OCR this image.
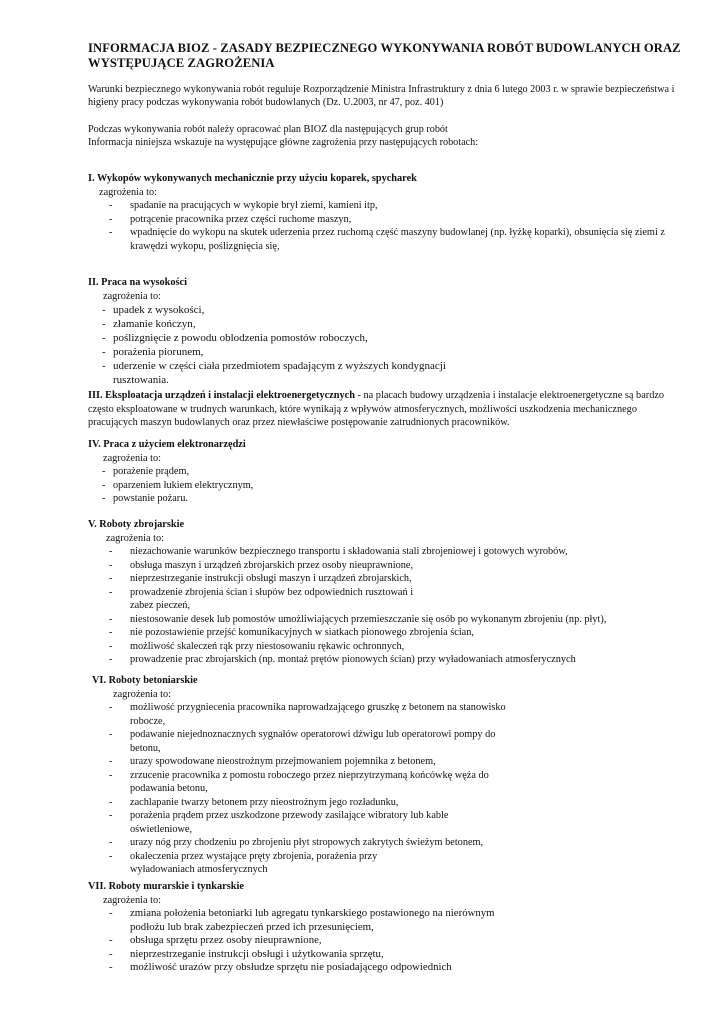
INFORMACJA BIOZ - ZASADY BEZPIECZNEGO WYKONYWANIA ROBÓT BUDOWLANYCH ORAZ WYSTĘPUJĄCE ZAGROŻENIA
Warunki bezpiecznego wykonywania robót reguluje Rozporządzenie Ministra Infrastruktury z dnia 6 lutego 2003 r. w sprawie bezpieczeństwa i higieny pracy podczas wykonywania robót budowlanych (Dz. U.2003, nr 47, poz. 401)
Podczas wykonywania robót należy opracować plan BIOZ dla następujących grup robót
Informacja niniejsza wskazuje na występujące główne zagrożenia przy następujących robotach:
I. Wykopów wykonywanych mechanicznie przy użyciu koparek, spycharek
zagrożenia to:
- spadanie na pracujących w wykopie brył ziemi, kamieni itp,
- potrącenie pracownika przez części ruchome maszyn,
- wpadnięcie do wykopu na skutek uderzenia przez ruchomą część maszyny budowlanej (np. łyżkę koparki), obsunięcia się ziemi z krawędzi wykopu, poślizgnięcia się,
II. Praca na wysokości
zagrożenia to:
- upadek z wysokości,
- złamanie kończyn,
- poślizgnięcie z powodu oblodzenia pomostów roboczych,
- porażenia piorunem,
- uderzenie w części ciała przedmiotem spadającym z wyższych kondygnacji rusztowania.
III. Eksploatacja urządzeń i instalacji elektroenergetycznych - na placach budowy urządzenia i instalacje elektroenergetyczne są bardzo często eksploatowane w trudnych warunkach, które wynikają z wpływów atmosferycznych, możliwości uszkodzenia mechanicznego pracujących maszyn budowlanych oraz przez niewłaściwe postępowanie zatrudnionych pracowników.
IV. Praca z użyciem elektronarzędzi
zagrożenia to:
- porażenie prądem,
- oparzeniem łukiem elektrycznym,
- powstanie pożaru.
V. Roboty zbrojarskie
zagrożenia to:
- niezachowanie warunków bezpiecznego transportu i składowania stali zbrojeniowej i gotowych wyrobów,
- obsługa maszyn i urządzeń zbrojarskich przez osoby nieuprawnione,
- nieprzestrzeganie instrukcji obsługi maszyn i urządzeń zbrojarskich,
- prowadzenie zbrojenia ścian i słupów bez odpowiednich rusztowań i zabez pieczeń,
- niestosowanie desek lub pomostów umożliwiających przemieszczanie się osób po wykonanym zbrojeniu (np. płyt),
- nie pozostawienie przejść komunikacyjnych w siatkach pionowego zbrojenia ścian,
- możliwość skaleczeń rąk przy niestosowaniu rękawic ochronnych,
- prowadzenie prac zbrojarskich (np. montaż prętów pionowych ścian) przy wyładowaniach atmosferycznych
VI. Roboty betoniarskie
zagrożenia to:
- możliwość przygniecenia pracownika naprowadzającego gruszkę z betonem na stanowisko robocze,
- podawanie niejednoznacznych sygnałów operatorowi dźwigu lub operatorowi pompy do betonu,
- urazy spowodowane nieostrożnym przejmowaniem pojemnika z betonem,
- zrzucenie pracownika z pomostu roboczego przez nieprzytrzymaną końcówkę węża do podawania betonu,
- zachlapanie twarzy betonem przy nieostrożnym jego rozładunku,
- porażenia prądem przez uszkodzone przewody zasilające wibratory lub kable oświetleniowe,
- urazy nóg przy chodzeniu po zbrojeniu płyt stropowych zakrytych świeżym betonem,
- okaleczenia przez wystające pręty zbrojenia, porażenia przy wyładowaniach atmosferycznych
VII. Roboty murarskie i tynkarskie
zagrożenia to:
- zmiana położenia betoniarki lub agregatu tynkarskiego postawionego na nierównym podłożu lub brak zabezpieczeń przed ich przesunięciem,
- obsługa sprzętu przez osoby nieuprawnione,
- nieprzestrzeganie instrukcji obsługi i użytkowania sprzętu,
- możliwość urazów przy obsłudze sprzętu nie posiadającego odpowiednich
